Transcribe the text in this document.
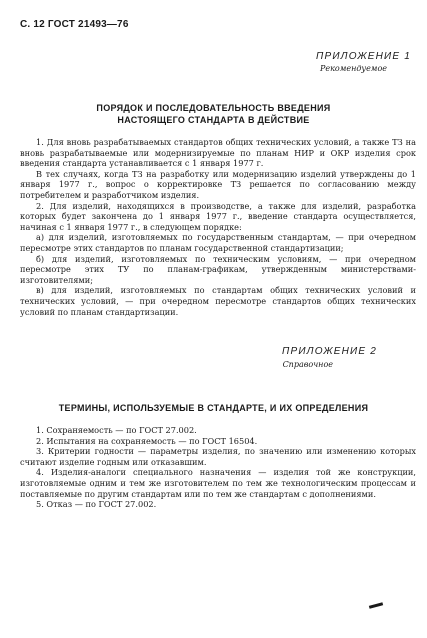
С. 12 ГОСТ 21493—76
ПРИЛОЖЕНИЕ 1
Рекомендуемое
ПОРЯДОК И ПОСЛЕДОВАТЕЛЬНОСТЬ ВВЕДЕНИЯ
НАСТОЯЩЕГО СТАНДАРТА В ДЕЙСТВИЕ

1. Для вновь разрабатываемых стандартов общих технических условий, а также ТЗ на вновь разрабатываемые или модернизируемые по планам НИР и ОКР изделия срок введения стандарта устанавливается с 1 января 1977 г.

В тех случаях, когда ТЗ на разработку или модернизацию изделий утверждены до 1 января 1977 г., вопрос о корректировке ТЗ решается по согласованию между потребителем и разработчиком изделия.

2. Для изделий, находящихся в производстве, а также для изделий, разработка которых будет закончена до 1 января 1977 г., введение стандарта осуществляется, начиная с 1 января 1977 г., в следующем порядке:

а) для изделий, изготовляемых по государственным стандартам, — при очередном пересмотре этих стандартов по планам государственной стандартизации;

б) для изделий, изготовляемых по техническим условиям, — при очередном пересмотре этих ТУ по планам-графикам, утвержденным министерствами-изготовителями;

в) для изделий, изготовляемых по стандартам общих технических условий и технических условий, — при очередном пересмотре стандартов общих технических условий по планам стандартизации.

ПРИЛОЖЕНИЕ 2
Справочное
ТЕРМИНЫ, ИСПОЛЬЗУЕМЫЕ В СТАНДАРТЕ, И ИХ ОПРЕДЕЛЕНИЯ

1. Сохраняемость — по ГОСТ 27.002.

2. Испытания на сохраняемость — по ГОСТ 16504.

3. Критерии годности — параметры изделия, по значению или изменению которых считают изделие годным или отказавшим.

4. Изделия-аналоги специального назначения — изделия той же конструкции, изготовляемые одним и тем же изготовителем по тем же технологическим процессам и поставляемые по другим стандартам или по тем же стандартам с дополнениями.

5. Отказ — по ГОСТ 27.002.
